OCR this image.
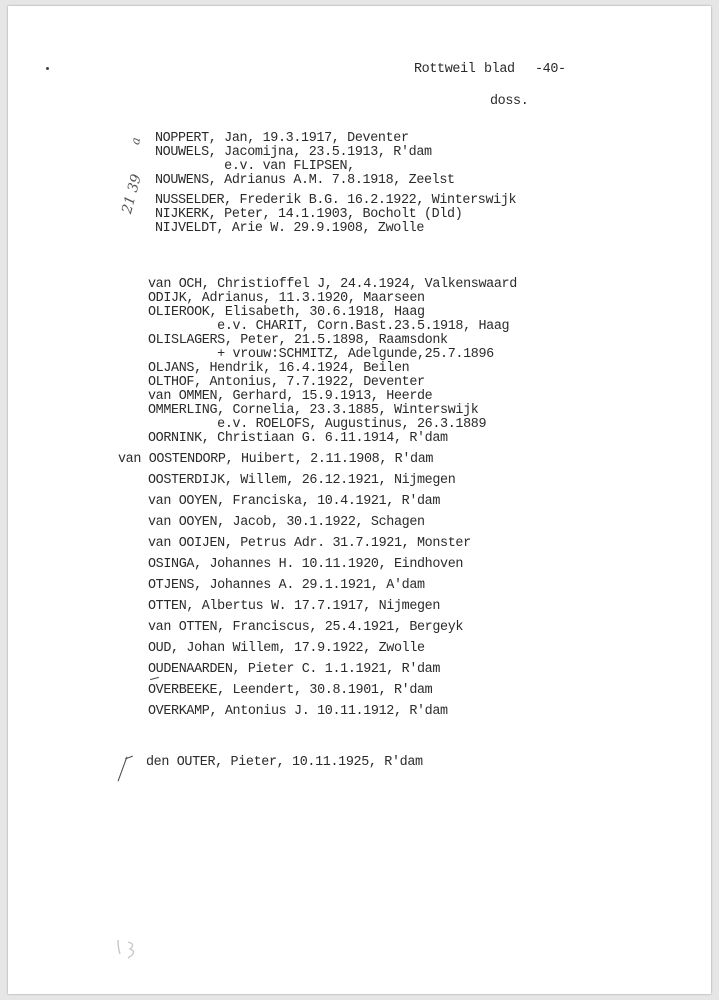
Rottweil blad -40-
doss.
a
21 39
NOPPERT, Jan, 19.3.1917, Deventer
NOUWELS, Jacomijna, 23.5.1913, R'dam
e.v. van FLIPSEN,
NOUWENS, Adrianus A.M. 7.8.1918, Zeelst
NUSSELDER, Frederik B.G. 16.2.1922, Winterswijk
NIJKERK, Peter, 14.1.1903, Bocholt (Dld)
NIJVELDT, Arie W. 29.9.1908, Zwolle
van OCH, Christioffel J, 24.4.1924, Valkenswaard
ODIJK, Adrianus, 11.3.1920, Maarseen
OLIEROOK, Elisabeth, 30.6.1918, Haag
e.v. CHARIT, Corn.Bast.23.5.1918, Haag
OLISLAGERS, Peter, 21.5.1898, Raamsdonk
+ vrouw:SCHMITZ, Adelgunde,25.7.1896
OLJANS, Hendrik, 16.4.1924, Beilen
OLTHOF, Antonius, 7.7.1922, Deventer
van OMMEN, Gerhard, 15.9.1913, Heerde
OMMERLING, Cornelia, 23.3.1885, Winterswijk
e.v. ROELOFS, Augustinus, 26.3.1889
OORNINK, Christiaan G. 6.11.1914, R'dam
van OOSTENDORP, Huibert, 2.11.1908, R'dam
OOSTERDIJK, Willem, 26.12.1921, Nijmegen
van OOYEN, Franciska, 10.4.1921, R'dam
van OOYEN, Jacob, 30.1.1922, Schagen
van OOIJEN, Petrus Adr. 31.7.1921, Monster
OSINGA, Johannes H. 10.11.1920, Eindhoven
OTJENS, Johannes A. 29.1.1921, A'dam
OTTEN, Albertus W. 17.7.1917, Nijmegen
van OTTEN, Franciscus, 25.4.1921, Bergeyk
OUD, Johan Willem, 17.9.1922, Zwolle
OUDENAARDEN, Pieter C. 1.1.1921, R'dam
OVERBEEKE, Leendert, 30.8.1901, R'dam
OVERKAMP, Antonius J. 10.11.1912, R'dam
den OUTER, Pieter, 10.11.1925, R'dam
